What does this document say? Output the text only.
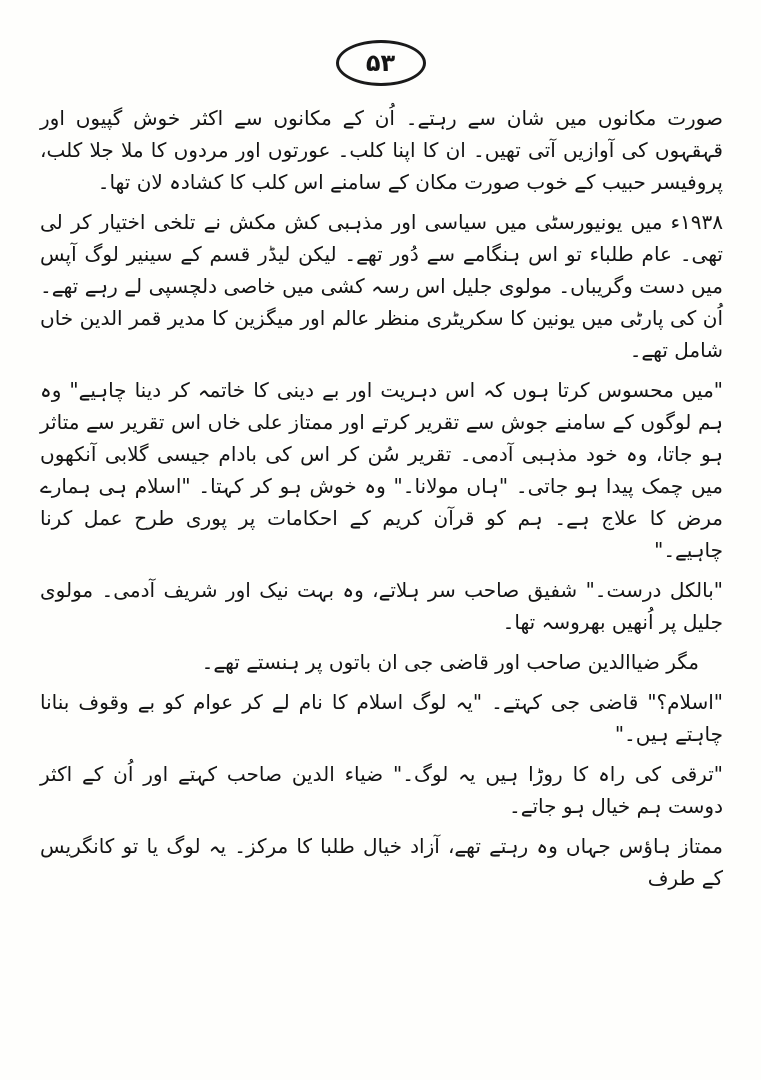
۵۳

صورت مکانوں میں شان سے رہتے۔ اُن کے مکانوں سے اکثر خوش گپیوں اور قہقہوں کی آوازیں آتی تھیں۔ ان کا اپنا کلب۔ عورتوں اور مردوں کا ملا جلا کلب، پروفیسر حبیب کے خوب صورت مکان کے سامنے اس کلب کا کشادہ لان تھا۔

۱۹۳۸ء میں یونیورسٹی میں سیاسی اور مذہبی کش مکش نے تلخی اختیار کر لی تھی۔ عام طلباء تو اس ہنگامے سے دُور تھے۔ لیکن لیڈر قسم کے سینیر لوگ آپس میں دست وگریباں۔ مولوی جلیل اس رسہ کشی میں خاصی دلچسپی لے رہے تھے۔ اُن کی پارٹی میں یونین کا سکریٹری منظر عالم اور میگزین کا مدیر قمر الدین خاں شامل تھے۔

"میں محسوس کرتا ہوں کہ اس دہریت اور بے دینی کا خاتمہ کر دینا چاہیے" وہ ہم لوگوں کے سامنے جوش سے تقریر کرتے اور ممتاز علی خاں اس تقریر سے متاثر ہو جاتا، وہ خود مذہبی آدمی۔ تقریر سُن کر اس کی بادام جیسی گلابی آنکھوں میں چمک پیدا ہو جاتی۔ "ہاں مولانا۔" وہ خوش ہو کر کہتا۔ "اسلام ہی ہمارے مرض کا علاج ہے۔ ہم کو قرآن کریم کے احکامات پر پوری طرح عمل کرنا چاہیے۔"

"بالکل درست۔" شفیق صاحب سر ہلاتے، وہ بہت نیک اور شریف آدمی۔ مولوی جلیل پر اُنھیں بھروسہ تھا۔

مگر ضیاالدین صاحب اور قاضی جی ان باتوں پر ہنستے تھے۔

"اسلام؟" قاضی جی کہتے۔ "یہ لوگ اسلام کا نام لے کر عوام کو بے وقوف بنانا چاہتے ہیں۔"

"ترقی کی راہ کا روڑا ہیں یہ لوگ۔" ضیاء الدین صاحب کہتے اور اُن کے اکثر دوست ہم خیال ہو جاتے۔

ممتاز ہاؤس جہاں وہ رہتے تھے، آزاد خیال طلبا کا مرکز۔ یہ لوگ یا تو کانگریس کے طرف
